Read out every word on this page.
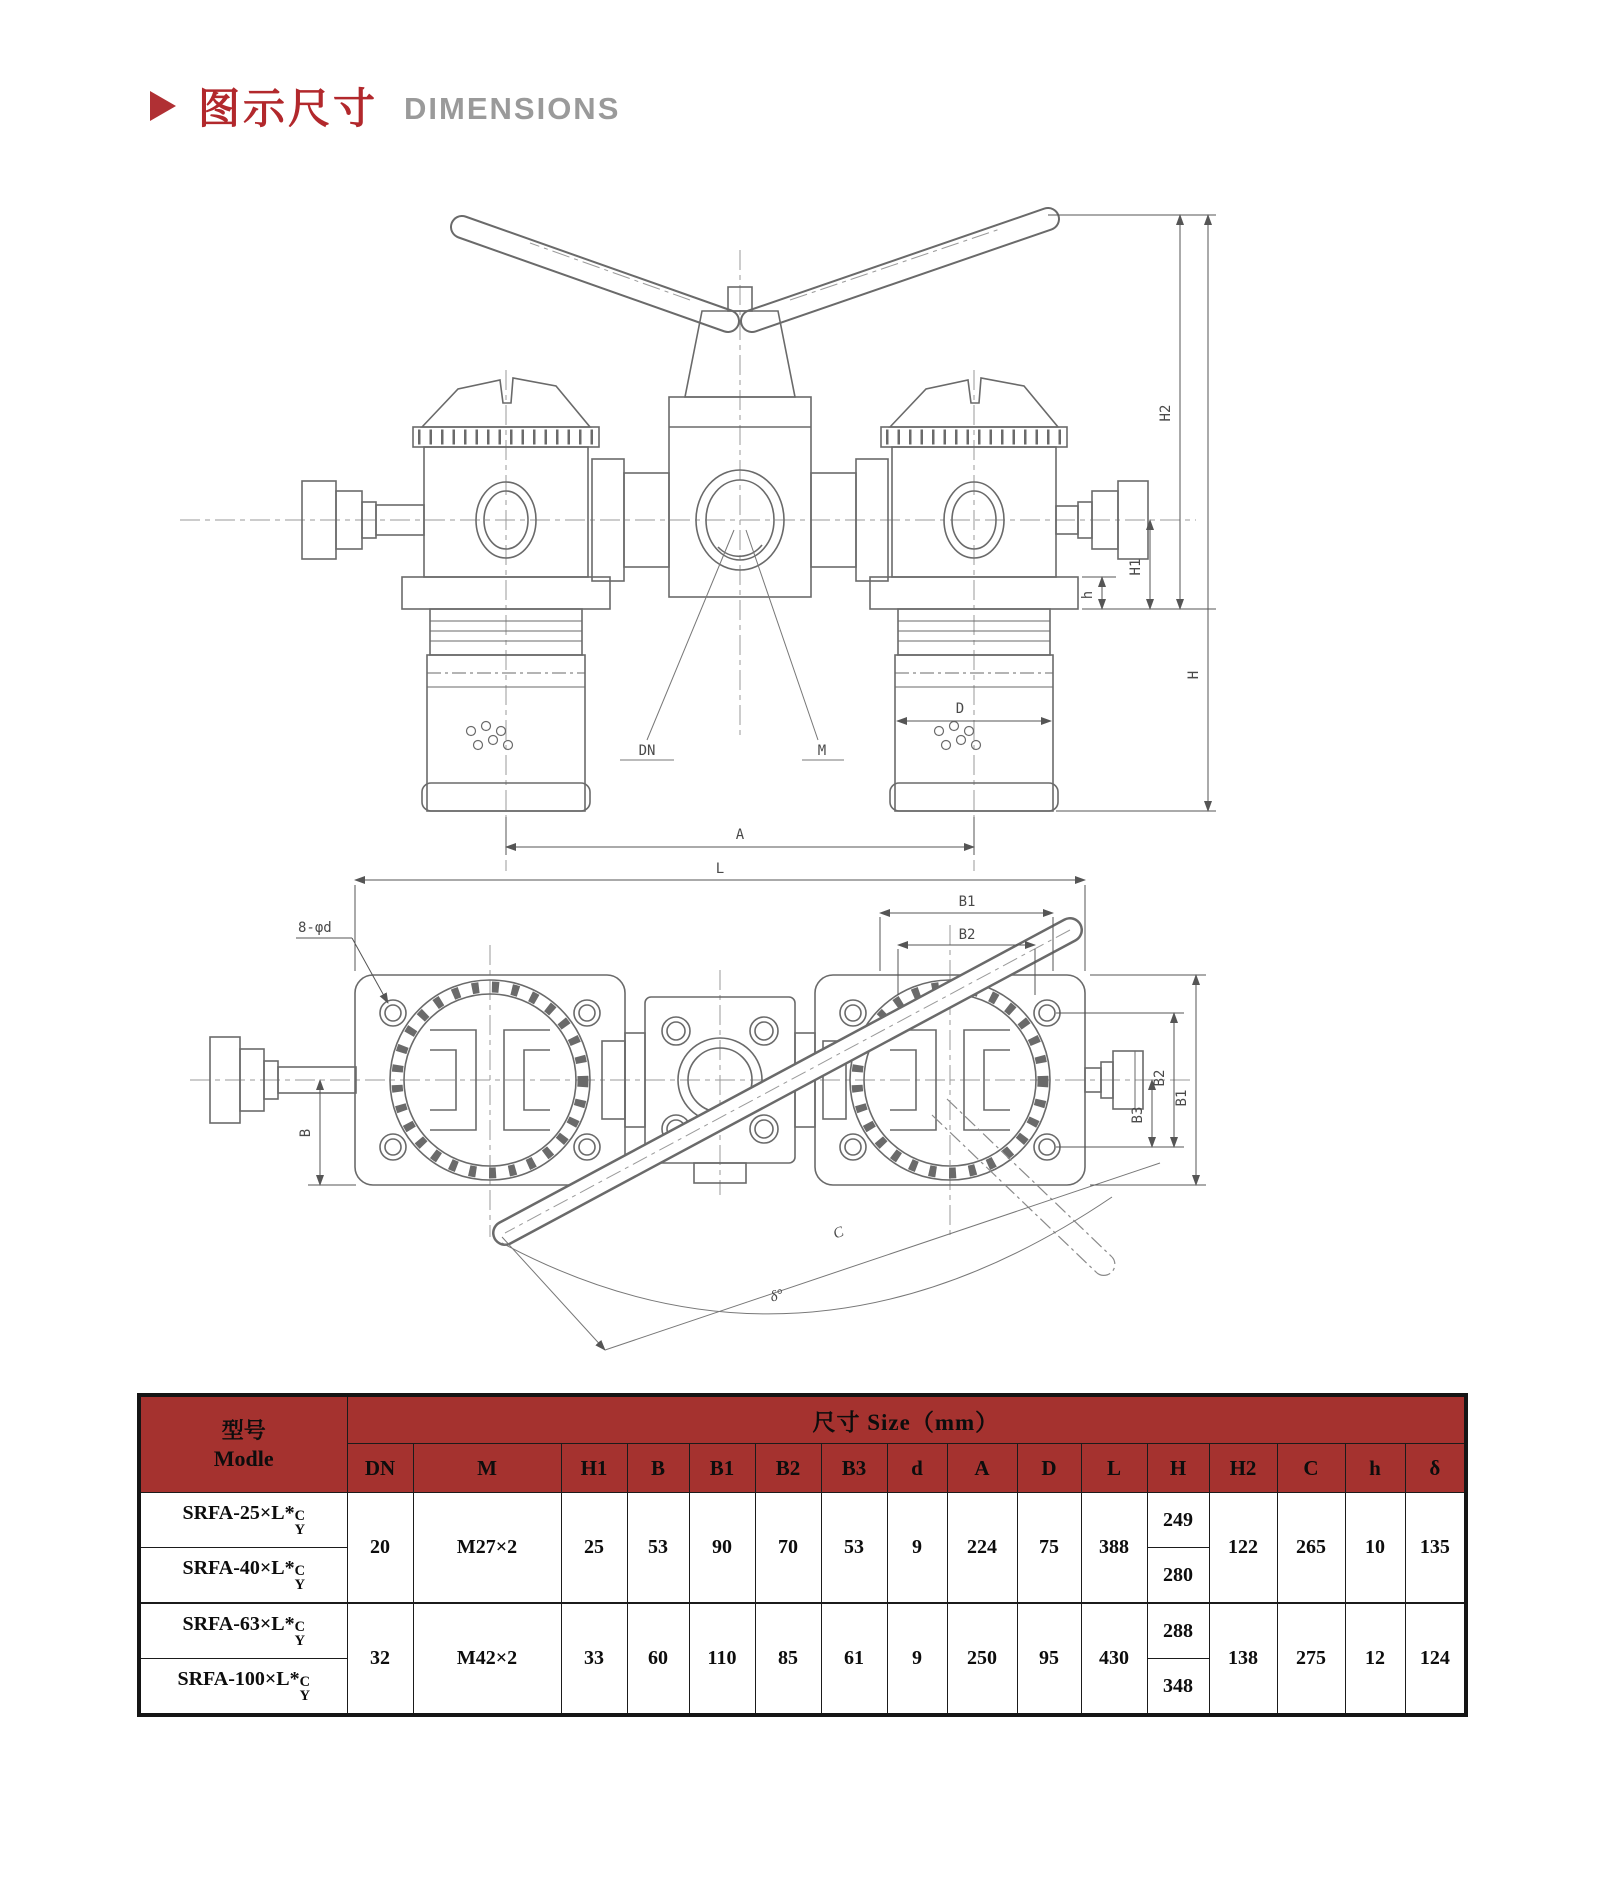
图示尺寸 DIMENSIONS
DN	M
h
H1
H2
H
A
D
C
δ°
L
B1
B2
8-φd
B
B3
B2
B1
型号
Modle	尺寸 Size（mm）															
	DN	M	H1	B	B1	B2	B3	d	A	D	L	H	H2	C	h	δ
SRFA-25×L* C
Y	20	M27×2	25	53	90	70	53	9	224	75	388	249	122	265	10	135
SRFA-40×L* C
Y												280				
SRFA-63×L* C
Y	32	M42×2	33	60	110	85	61	9	250	95	430	288	138	275	12	124
SRFA-100×L* C
Y												348				
